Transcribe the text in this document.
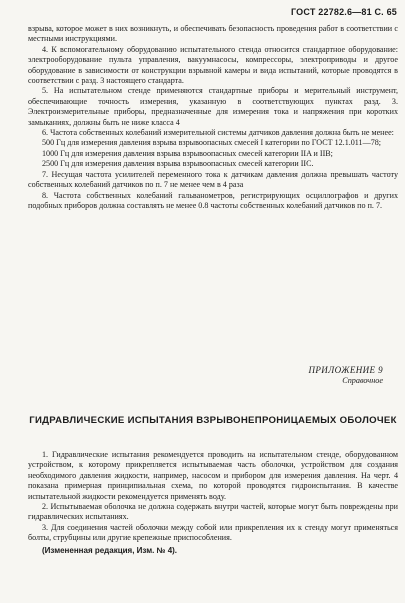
ГОСТ 22782.6—81 С. 65

взрыва, которое может в них возникнуть, и обеспечивать безопасность проведения работ в соответствии с местными инструкциями.

4. К вспомогательному оборудованию испытательного стенда относится стандартное оборудование: электрооборудование пульта управления, вакуумнасосы, компрессоры, электроприводы и другое оборудование в зависимости от конструкции взрывной камеры и вида испытаний, которые проводятся в соответствии с разд. 3 настоящего стандарта.

5. На испытательном стенде применяются стандартные приборы и мерительный инструмент, обеспечивающие точность измерения, указанную в соответствующих пунктах разд. 3. Электроизмерительные приборы, предназначенные для измерения тока и напряжения при коротких замыканиях, должны быть не ниже класса 4

6. Частота собственных колебаний измерительной системы датчиков давления должна быть не менее:

500 Гц для измерения давления взрыва взрывоопасных смесей I категории по ГОСТ 12.1.011—78;

1000 Гц для измерения давления взрыва взрывоопасных смесей категории IIA и IIB;

2500 Гц для измерения давления взрыва взрывоопасных смесей категории IIC.

7. Несущая частота усилителей переменного тока к датчикам давления должна превышать частоту собственных колебаний датчиков по п. 7 не менее чем в 4 раза

8. Частота собственных колебаний гальванометров, регистрирующих осциллографов и других подобных приборов должна составлять не менее 0.8 частоты собственных колебаний датчиков по п. 7.

ПРИЛОЖЕНИЕ 9
Справочное
ГИДРАВЛИЧЕСКИЕ ИСПЫТАНИЯ ВЗРЫВОНЕПРОНИЦАЕМЫХ ОБОЛОЧЕК

1. Гидравлические испытания рекомендуется проводить на испытательном стенде, оборудованном устройством, к которому прикрепляется испытываемая часть оболочки, устройством для создания необходимого давления жидкости, например, насосом и прибором для измерения давления. На черт. 4 показана примерная принципиальная схема, по которой проводятся гидроиспытания. В качестве испытательной жидкости рекомендуется применять воду.

2. Испытываемая оболочка не должна содержать внутри частей, которые могут быть повреждены при гидравлических испытаниях.

3. Для соединения частей оболочки между собой или прикрепления их к стенду могут применяться болты, струбцины или другие крепежные приспособления.

(Измененная редакция, Изм. № 4).
